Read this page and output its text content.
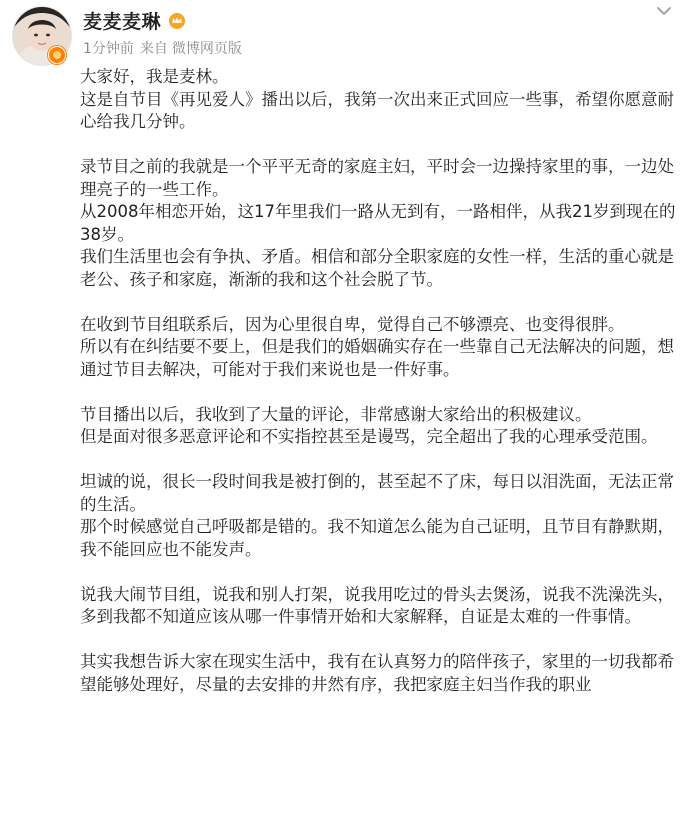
麦麦麦琳
1分钟前 来自 微博网页版

大家好，我是麦林。

这是自节目《再见爱人》播出以后，我第一次出来正式回应一些事，希望你愿意耐心给我几分钟。

录节目之前的我就是一个平平无奇的家庭主妇，平时会一边操持家里的事，一边处理亮子的一些工作。

从2008年相恋开始，这17年里我们一路从无到有，一路相伴，从我21岁到现在的38岁。

我们生活里也会有争执、矛盾。相信和部分全职家庭的女性一样，生活的重心就是老公、孩子和家庭，渐渐的我和这个社会脱了节。

在收到节目组联系后，因为心里很自卑，觉得自己不够漂亮、也变得很胖。

所以有在纠结要不要上，但是我们的婚姻确实存在一些靠自己无法解决的问题，想通过节目去解决，可能对于我们来说也是一件好事。

节目播出以后，我收到了大量的评论，非常感谢大家给出的积极建议。

但是面对很多恶意评论和不实指控甚至是谩骂，完全超出了我的心理承受范围。

坦诚的说，很长一段时间我是被打倒的，甚至起不了床，每日以泪洗面，无法正常的生活。

那个时候感觉自己呼吸都是错的。我不知道怎么能为自己证明，且节目有静默期，我不能回应也不能发声。

说我大闹节目组，说我和别人打架，说我用吃过的骨头去煲汤，说我不洗澡洗头，多到我都不知道应该从哪一件事情开始和大家解释，自证是太难的一件事情。

其实我想告诉大家在现实生活中，我有在认真努力的陪伴孩子，家里的一切我都希望能够处理好，尽量的去安排的井然有序，我把家庭主妇当作我的职业
